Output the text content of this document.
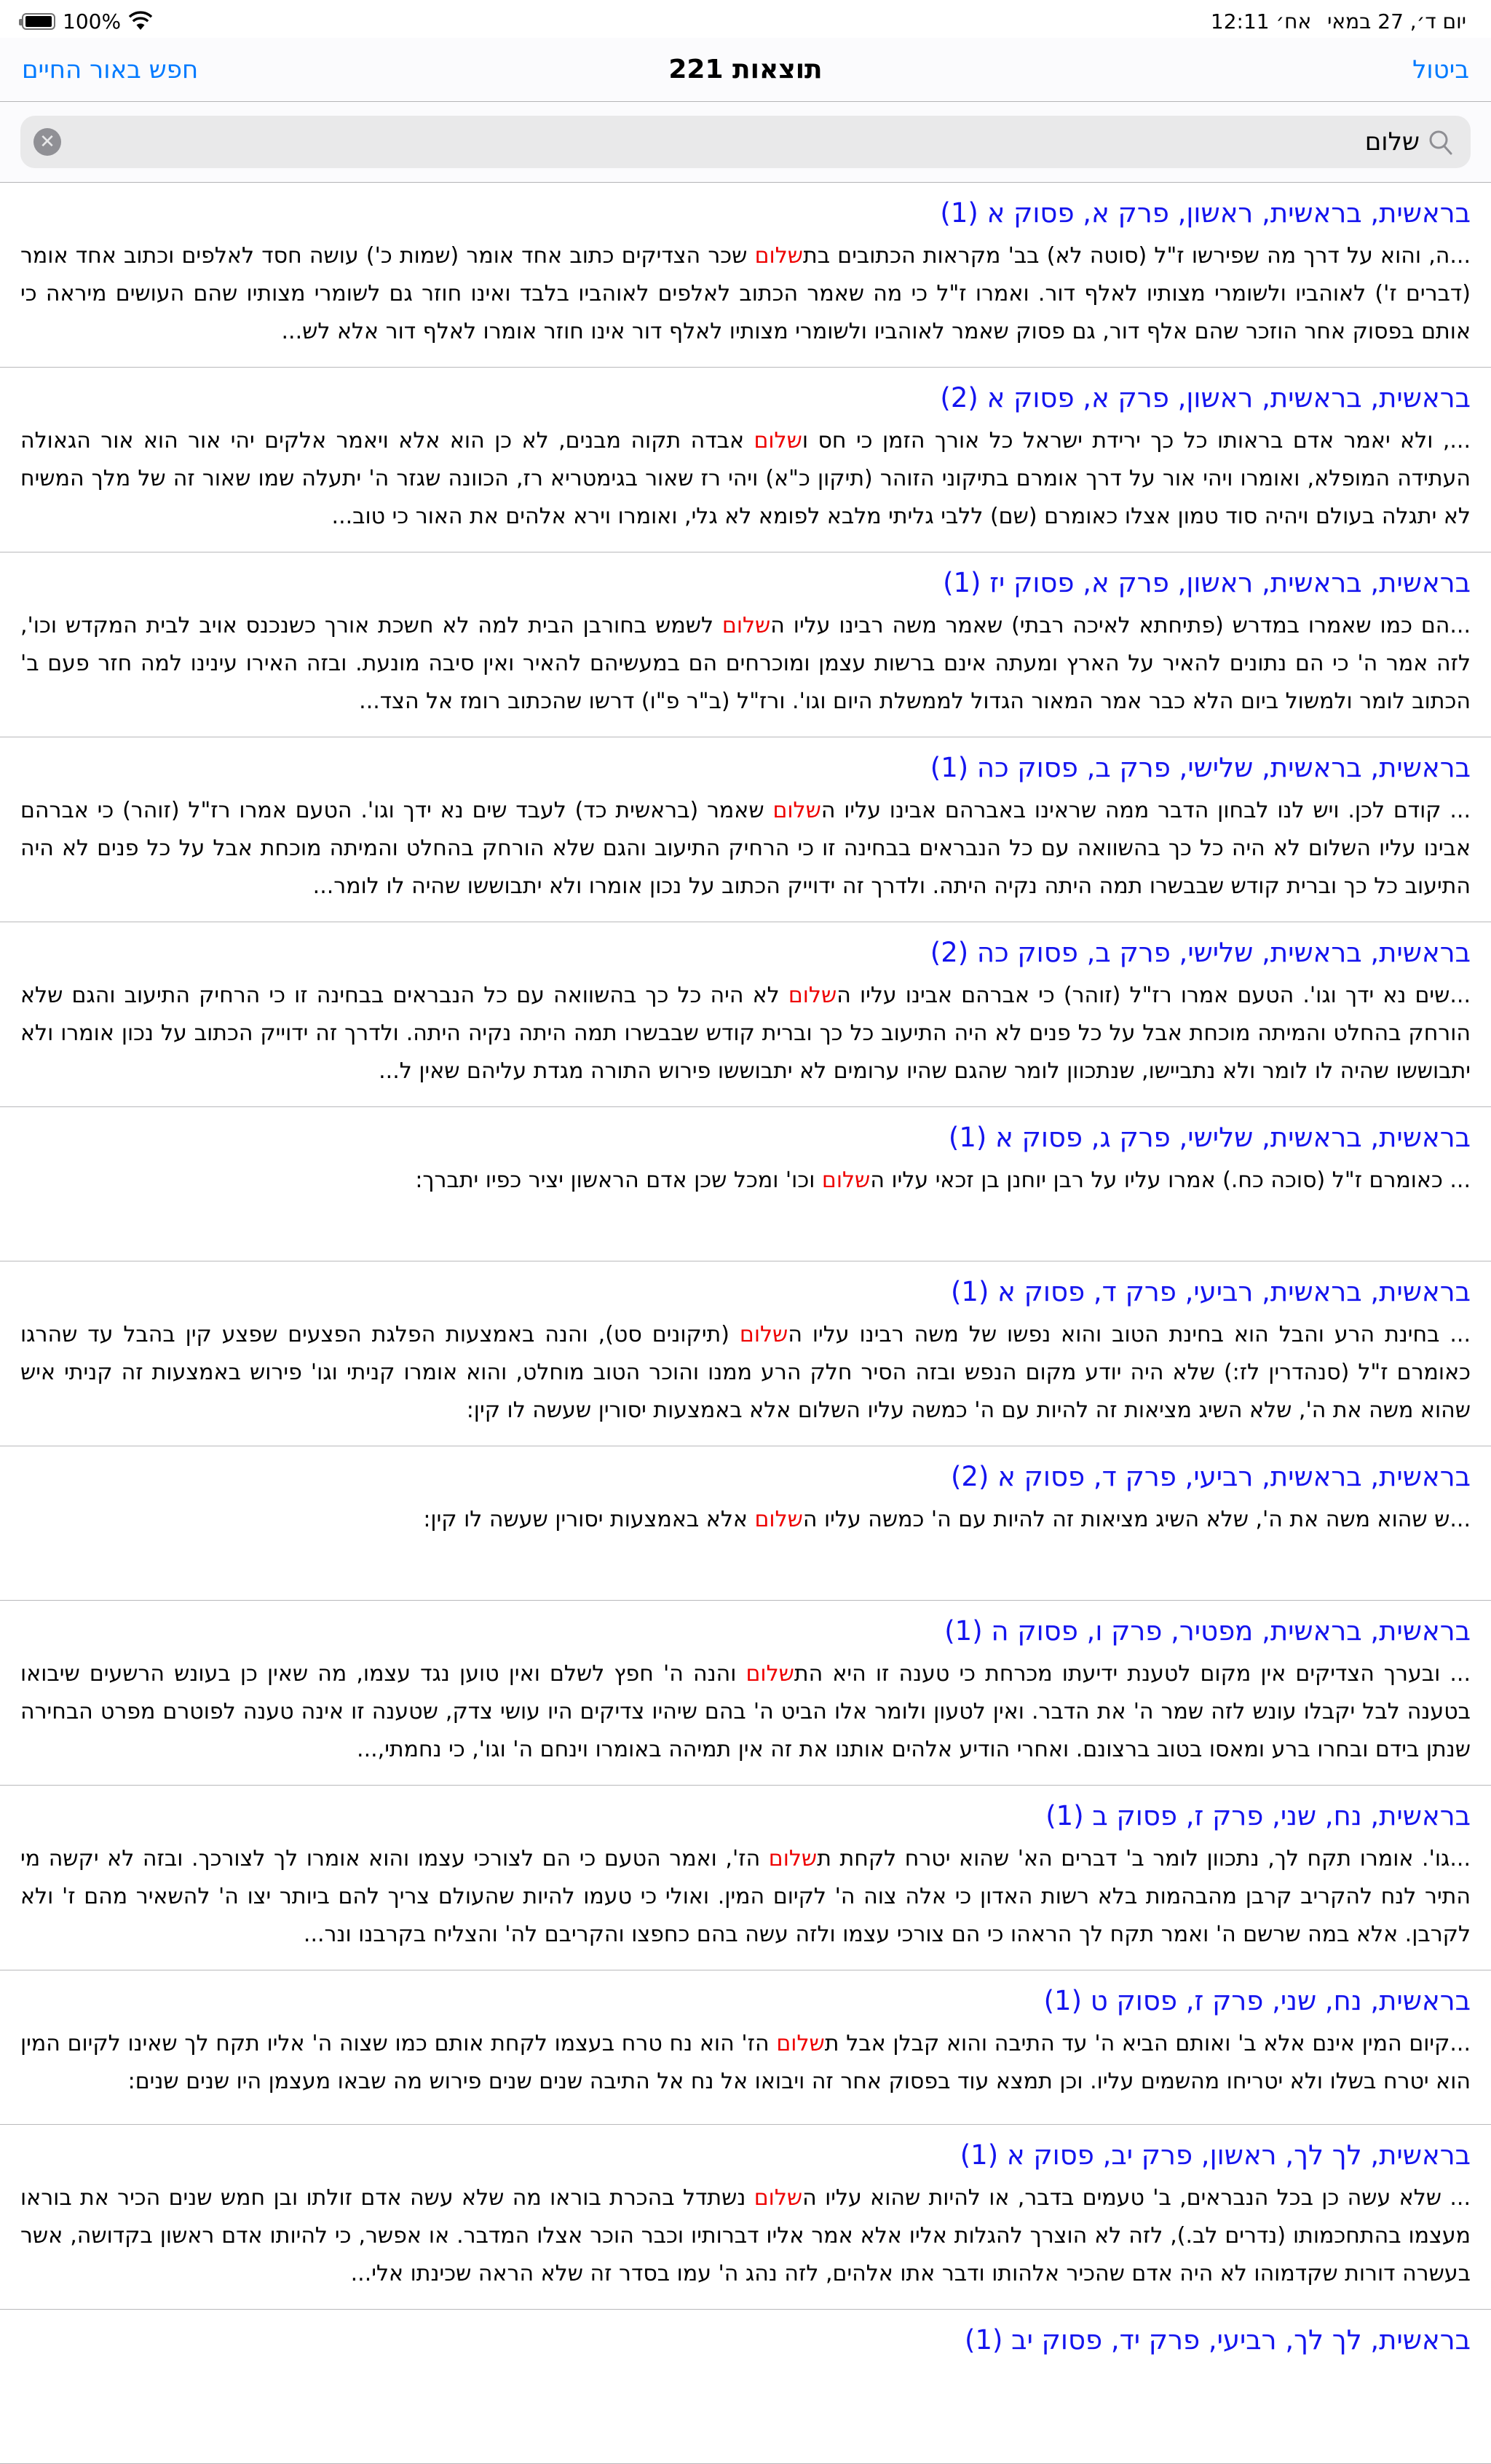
100%	יום ד׳, 27 במאי
12:11 אח׳
חפש באור החיים	221 תוצאות	ביטול
שלום
✕
בראשית, בראשית, ראשון, פרק א, פסוק א (1)
...ה, והוא על דרך מה שפירשו ז"ל (סוטה לא) בב' מקראות הכתובים בתשלום שכר הצדיקים כתוב אחד אומר (שמות כ') עושה חסד לאלפים וכתוב אחד אומר (דברים ז') לאוהביו ולשומרי מצותיו לאלף דור. ואמרו ז"ל כי מה שאמר הכתוב לאלפים לאוהביו בלבד ואינו חוזר גם לשומרי מצותיו שהם העושים מיראה כי אותם בפסוק אחר הוזכר שהם אלף דור, גם פסוק שאמר לאוהביו ולשומרי מצותיו לאלף דור אינו חוזר אומרו לאלף דור אלא לש...
בראשית, בראשית, ראשון, פרק א, פסוק א (2)
..., ולא יאמר אדם בראותו כל כך ירידת ישראל כל אורך הזמן כי חס ושלום אבדה תקוה מבנים, לא כן הוא אלא ויאמר אלקים יהי אור הוא אור הגאולה העתידה המופלא, ואומרו ויהי אור על דרך אומרם בתיקוני הזוהר (תיקון כ"א) ויהי רז שאור בגימטריא רז, הכוונה שגזר ה' יתעלה שמו שאור זה של מלך המשיח לא יתגלה בעולם ויהיה סוד טמון אצלו כאומרם (שם) ללבי גליתי מלבא לפומא לא גלי, ואומרו וירא אלהים את האור כי טוב...
בראשית, בראשית, ראשון, פרק א, פסוק יז (1)
...הם כמו שאמרו במדרש (פתיחתא לאיכה רבתי) שאמר משה רבינו עליו השלום לשמש בחורבן הבית למה לא חשכת אורך כשנכנס אויב לבית המקדש וכו', לזה אמר ה' כי הם נתונים להאיר על הארץ ומעתה אינם ברשות עצמן ומוכרחים הם במעשיהם להאיר ואין סיבה מונעת. ובזה האירו עינינו למה חזר פעם ב' הכתוב לומר ולמשול ביום הלא כבר אמר המאור הגדול לממשלת היום וגו'. ורז"ל (ב"ר פ"ו) דרשו שהכתוב רומז אל הצד...
בראשית, בראשית, שלישי, פרק ב, פסוק כה (1)
... קודם לכן. ויש לנו לבחון הדבר ממה שראינו באברהם אבינו עליו השלום שאמר (בראשית כד) לעבד שים נא ידך וגו'. הטעם אמרו רז"ל (זוהר) כי אברהם אבינו עליו השלום לא היה כל כך בהשוואה עם כל הנבראים בבחינה זו כי הרחיק התיעוב והגם שלא הורחק בהחלט והמיתה מוכחת אבל על כל פנים לא היה התיעוב כל כך וברית קודש שבבשרו תמה היתה נקיה היתה. ולדרך זה ידוייק הכתוב על נכון אומרו ולא יתבוששו שהיה לו לומר...
בראשית, בראשית, שלישי, פרק ב, פסוק כה (2)
...שים נא ידך וגו'. הטעם אמרו רז"ל (זוהר) כי אברהם אבינו עליו השלום לא היה כל כך בהשוואה עם כל הנבראים בבחינה זו כי הרחיק התיעוב והגם שלא הורחק בהחלט והמיתה מוכחת אבל על כל פנים לא היה התיעוב כל כך וברית קודש שבבשרו תמה היתה נקיה היתה. ולדרך זה ידוייק הכתוב על נכון אומרו ולא יתבוששו שהיה לו לומר ולא נתביישו, שנתכוון לומר שהגם שהיו ערומים לא יתבוששו פירוש התורה מגדת עליהם שאין ל...
בראשית, בראשית, שלישי, פרק ג, פסוק א (1)
... כאומרם ז"ל (סוכה כח.) אמרו עליו על רבן יוחנן בן זכאי עליו השלום וכו' ומכל שכן אדם הראשון יציר כפיו יתברך:
בראשית, בראשית, רביעי, פרק ד, פסוק א (1)
... בחינת הרע והבל הוא בחינת הטוב והוא נפשו של משה רבינו עליו השלום (תיקונים סט), והנה באמצעות הפלגת הפצעים שפצע קין בהבל עד שהרגו כאומרם ז"ל (סנהדרין לז:) שלא היה יודע מקום הנפש ובזה הסיר חלק הרע ממנו והוכר הטוב מוחלט, והוא אומרו קניתי וגו' פירוש באמצעות זה קניתי איש שהוא משה את ה', שלא השיג מציאות זה להיות עם ה' כמשה עליו השלום אלא באמצעות יסורין שעשה לו קין:
בראשית, בראשית, רביעי, פרק ד, פסוק א (2)
...ש שהוא משה את ה', שלא השיג מציאות זה להיות עם ה' כמשה עליו השלום אלא באמצעות יסורין שעשה לו קין:
בראשית, בראשית, מפטיר, פרק ו, פסוק ה (1)
... ובערך הצדיקים אין מקום לטענת ידיעתו מכרחת כי טענה זו היא התשלום והנה ה' חפץ לשלם ואין טוען נגד עצמו, מה שאין כן בעונש הרשעים שיבואו בטענה לבל יקבלו עונש לזה שמר ה' את הדבר. ואין לטעון ולומר אלו הביט ה' בהם שיהיו צדיקים היו עושי צדק, שטענה זו אינה טענה לפוטרם מפרט הבחירה שנתן בידם ובחרו ברע ומאסו בטוב ברצונם. ואחרי הודיע אלהים אותנו את זה אין תמיהה באומרו וינחם ה' וגו', כי נחמתי,...
בראשית, נח, שני, פרק ז, פסוק ב (1)
...גו'. אומרו תקח לך, נתכוון לומר ב' דברים הא' שהוא יטרח לקחת תשלום הז', ואמר הטעם כי הם לצורכי עצמו והוא אומרו לך לצורכך. ובזה לא יקשה מי התיר לנח להקריב קרבן מהבהמות בלא רשות האדון כי אלה צוה ה' לקיום המין. ואולי כי טעמו להיות שהעולם צריך להם ביותר יצו ה' להשאיר מהם ז' ולא לקרבן. אלא במה שרשם ה' ואמר תקח לך הראהו כי הם צורכי עצמו ולזה עשה בהם כחפצו והקריבם לה' והצליח בקרבנו ונר...
בראשית, נח, שני, פרק ז, פסוק ט (1)
...קיום המין אינם אלא ב' ואותם הביא ה' עד התיבה והוא קבלן אבל תשלום הז' הוא נח טרח בעצמו לקחת אותם כמו שצוה ה' אליו תקח לך שאינו לקיום המין הוא יטרח בשלו ולא יטריחו מהשמים עליו. וכן תמצא עוד בפסוק אחר זה ויבואו אל נח אל התיבה שנים שנים פירוש מה שבאו מעצמן היו שנים שנים:
בראשית, לך לך, ראשון, פרק יב, פסוק א (1)
... שלא עשה כן בכל הנבראים, ב' טעמים בדבר, או להיות שהוא עליו השלום נשתדל בהכרת בוראו מה שלא עשה אדם זולתו ובן חמש שנים הכיר את בוראו מעצמו בהתחכמותו (נדרים לב.), לזה לא הוצרך להגלות אליו אלא אמר אליו דברותיו וכבר הוכר אצלו המדבר. או אפשר, כי להיותו אדם ראשון בקדושה, אשר בעשרה דורות שקדמוהו לא היה אדם שהכיר אלהותו ודבר אתו אלהים, לזה נהג ה' עמו בסדר זה שלא הראה שכינתו אלי...
בראשית, לך לך, רביעי, פרק יד, פסוק יב (1)
